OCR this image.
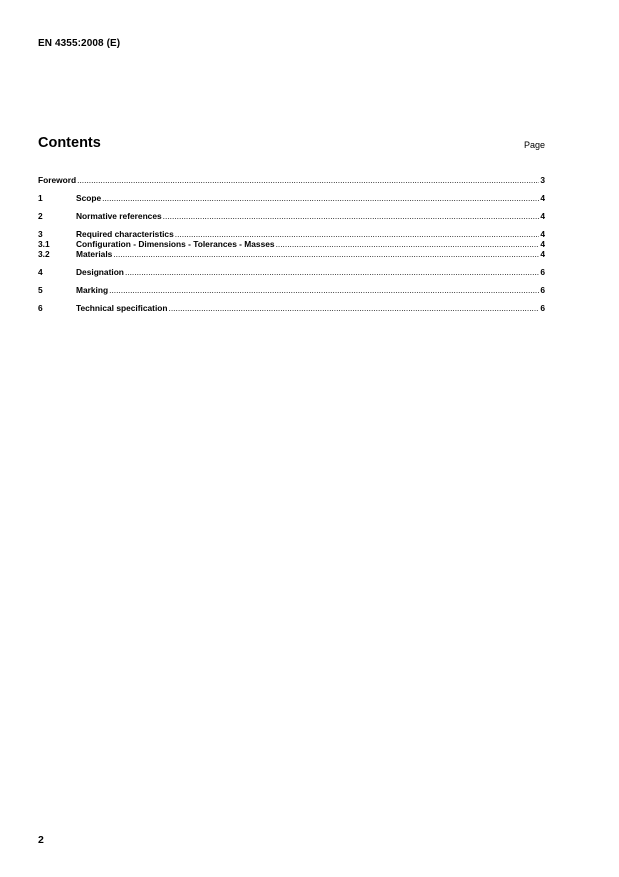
EN 4355:2008 (E)
Contents	Page
Foreword .....	3
1	Scope .....	4
2	Normative references .....	4
3	Required characteristics .....	4
3.1	Configuration - Dimensions - Tolerances - Masses .....	4
3.2	Materials .....	4
4	Designation .....	6
5	Marking .....	6
6	Technical specification .....	6
2
